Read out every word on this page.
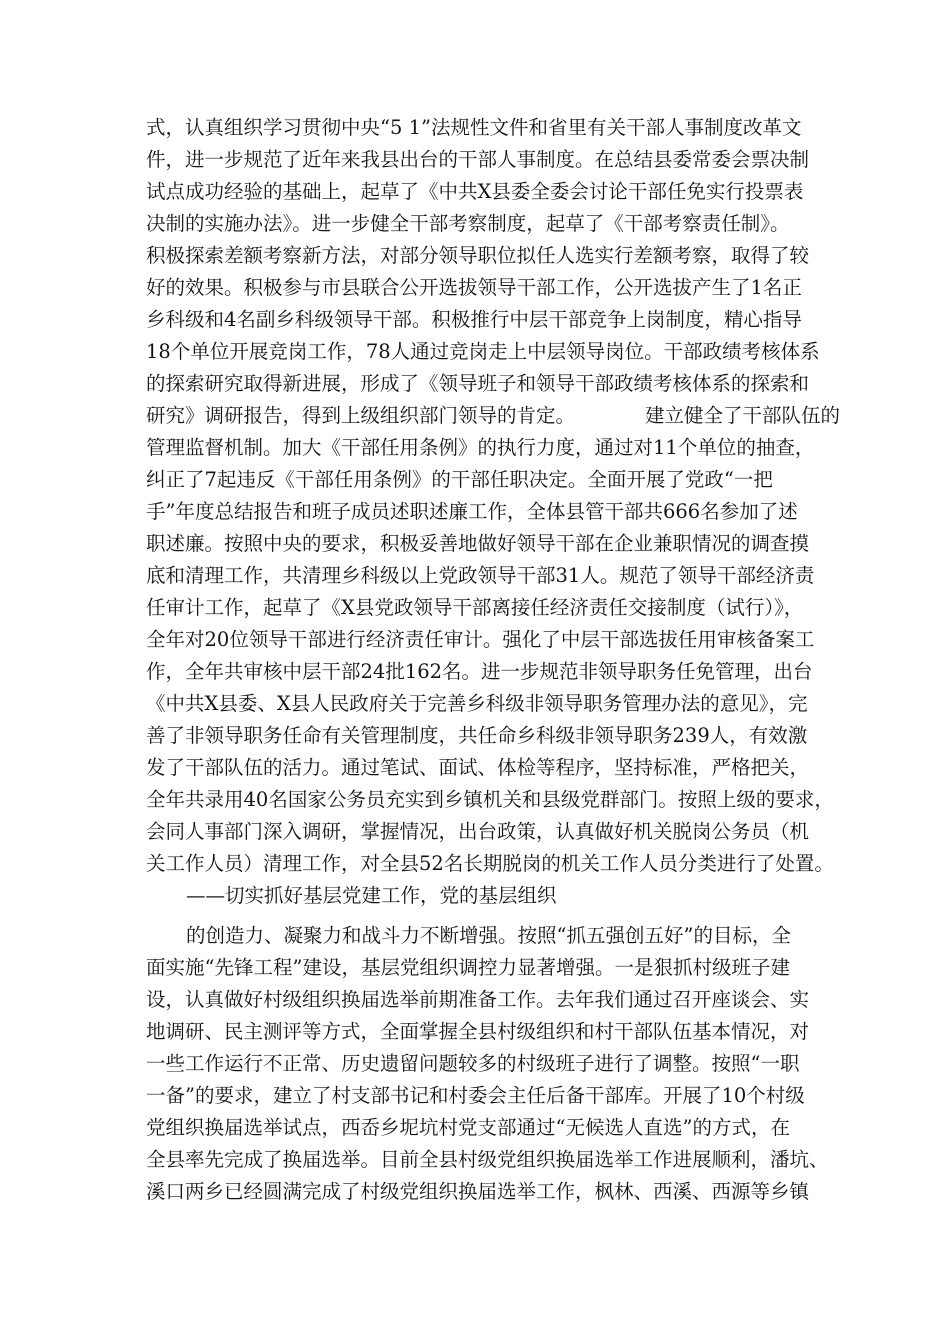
式，认真组织学习贯彻中央“5 1”法规性文件和省里有关干部人事制度改革文
件，进一步规范了近年来我县出台的干部人事制度。在总结县委常委会票决制
试点成功经验的基础上，起草了《中共X县委全委会讨论干部任免实行投票表
决制的实施办法》。进一步健全干部考察制度，起草了《干部考察责任制》。
积极探索差额考察新方法，对部分领导职位拟任人选实行差额考察，取得了较
好的效果。积极参与市县联合公开选拔领导干部工作，公开选拔产生了1名正
乡科级和4名副乡科级领导干部。积极推行中层干部竞争上岗制度，精心指导
18个单位开展竞岗工作，78人通过竞岗走上中层领导岗位。干部政绩考核体系
的探索研究取得新进展，形成了《领导班子和领导干部政绩考核体系的探索和
研究》调研报告，得到上级组织部门领导的肯定。	建立健全了干部队伍的
管理监督机制。加大《干部任用条例》的执行力度，通过对11个单位的抽查，
纠正了7起违反《干部任用条例》的干部任职决定。全面开展了党政“一把
手”年度总结报告和班子成员述职述廉工作，全体县管干部共666名参加了述
职述廉。按照中央的要求，积极妥善地做好领导干部在企业兼职情况的调查摸
底和清理工作，共清理乡科级以上党政领导干部31人。规范了领导干部经济责
任审计工作，起草了《X县党政领导干部离接任经济责任交接制度（试行）》，
全年对20位领导干部进行经济责任审计。强化了中层干部选拔任用审核备案工
作，全年共审核中层干部24批162名。进一步规范非领导职务任免管理，出台
《中共X县委、X县人民政府关于完善乡科级非领导职务管理办法的意见》，完
善了非领导职务任命有关管理制度，共任命乡科级非领导职务239人，有效激
发了干部队伍的活力。通过笔试、面试、体检等程序，坚持标准，严格把关，
全年共录用40名国家公务员充实到乡镇机关和县级党群部门。按照上级的要求，
会同人事部门深入调研，掌握情况，出台政策，认真做好机关脱岗公务员（机
关工作人员）清理工作，对全县52名长期脱岗的机关工作人员分类进行了处置。
——切实抓好基层党建工作，党的基层组织
的创造力、凝聚力和战斗力不断增强。按照“抓五强创五好”的目标，全
面实施“先锋工程”建设，基层党组织调控力显著增强。一是狠抓村级班子建
设，认真做好村级组织换届选举前期准备工作。去年我们通过召开座谈会、实
地调研、民主测评等方式，全面掌握全县村级组织和村干部队伍基本情况，对
一些工作运行不正常、历史遗留问题较多的村级班子进行了调整。按照“一职
一备”的要求，建立了村支部书记和村委会主任后备干部库。开展了10个村级
党组织换届选举试点，西岙乡坭坑村党支部通过“无候选人直选”的方式，在
全县率先完成了换届选举。目前全县村级党组织换届选举工作进展顺利，潘坑、
溪口两乡已经圆满完成了村级党组织换届选举工作，枫林、西溪、西源等乡镇
